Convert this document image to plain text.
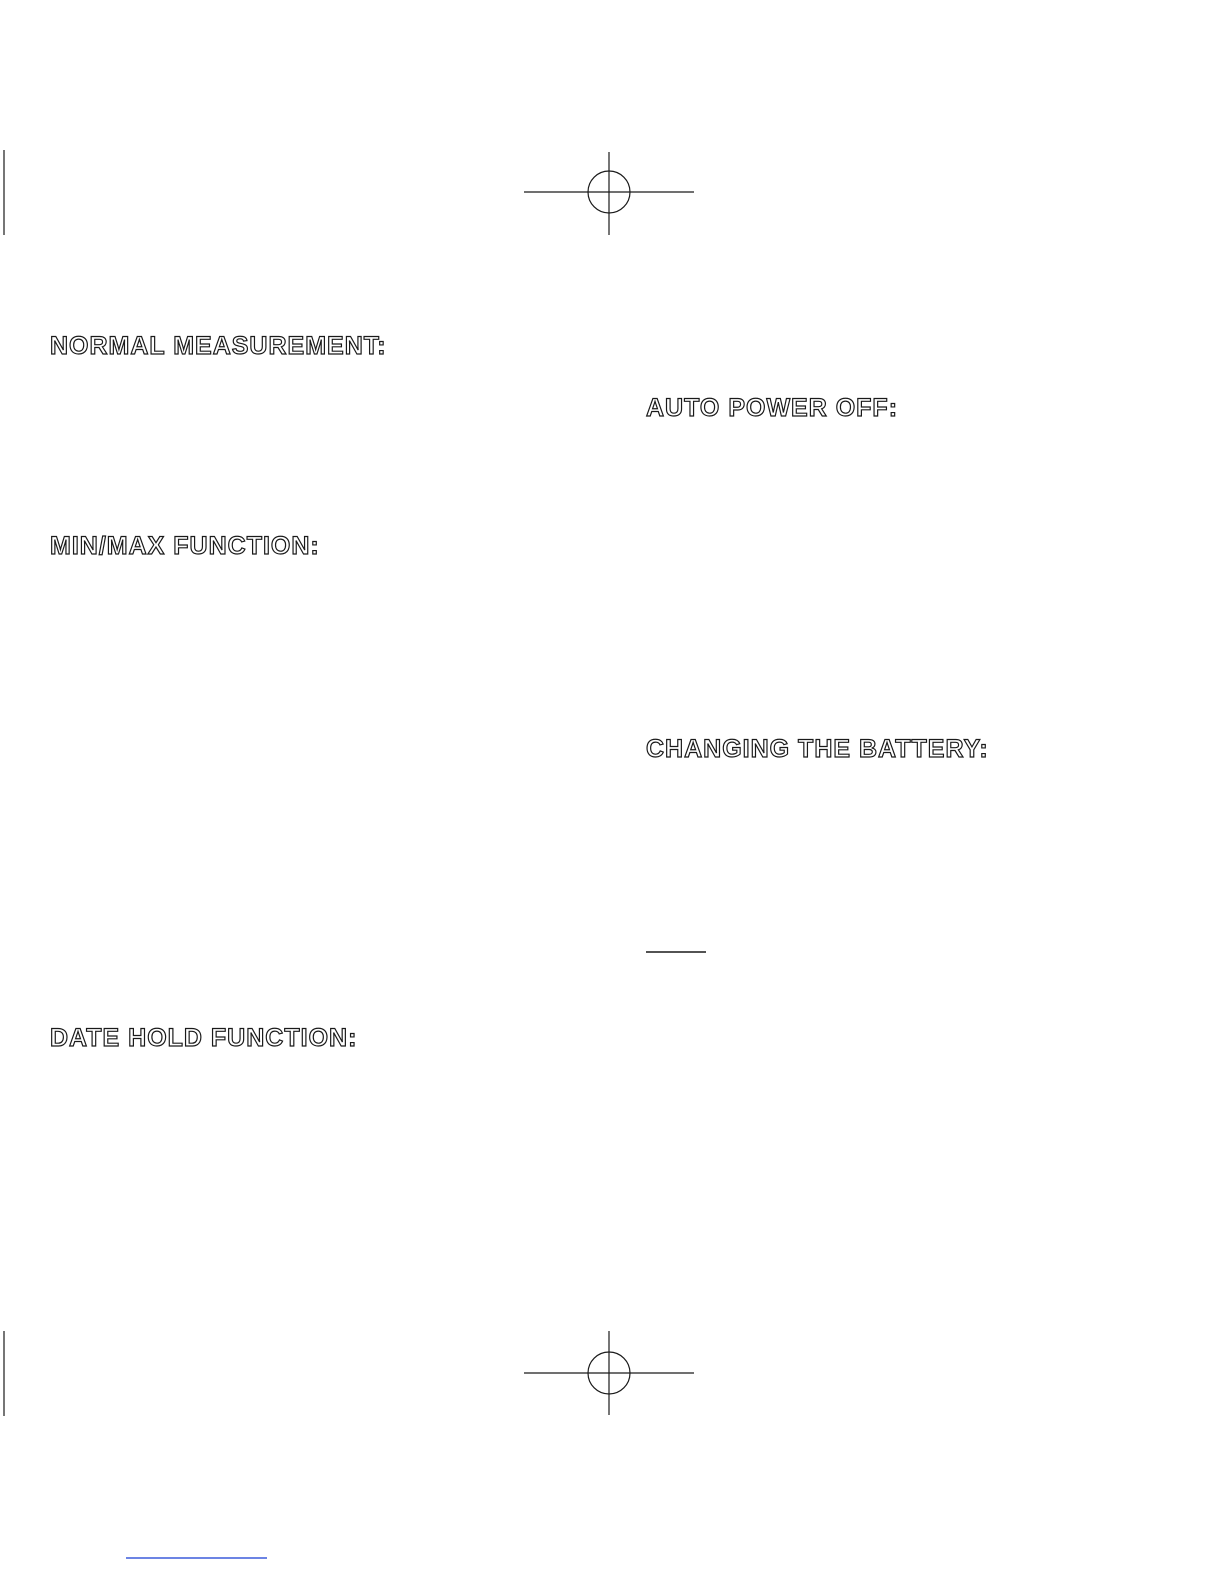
NORMAL MEASUREMENT:
MIN/MAX FUNCTION:
DATE HOLD FUNCTION:
AUTO POWER OFF:
CHANGING THE BATTERY:
